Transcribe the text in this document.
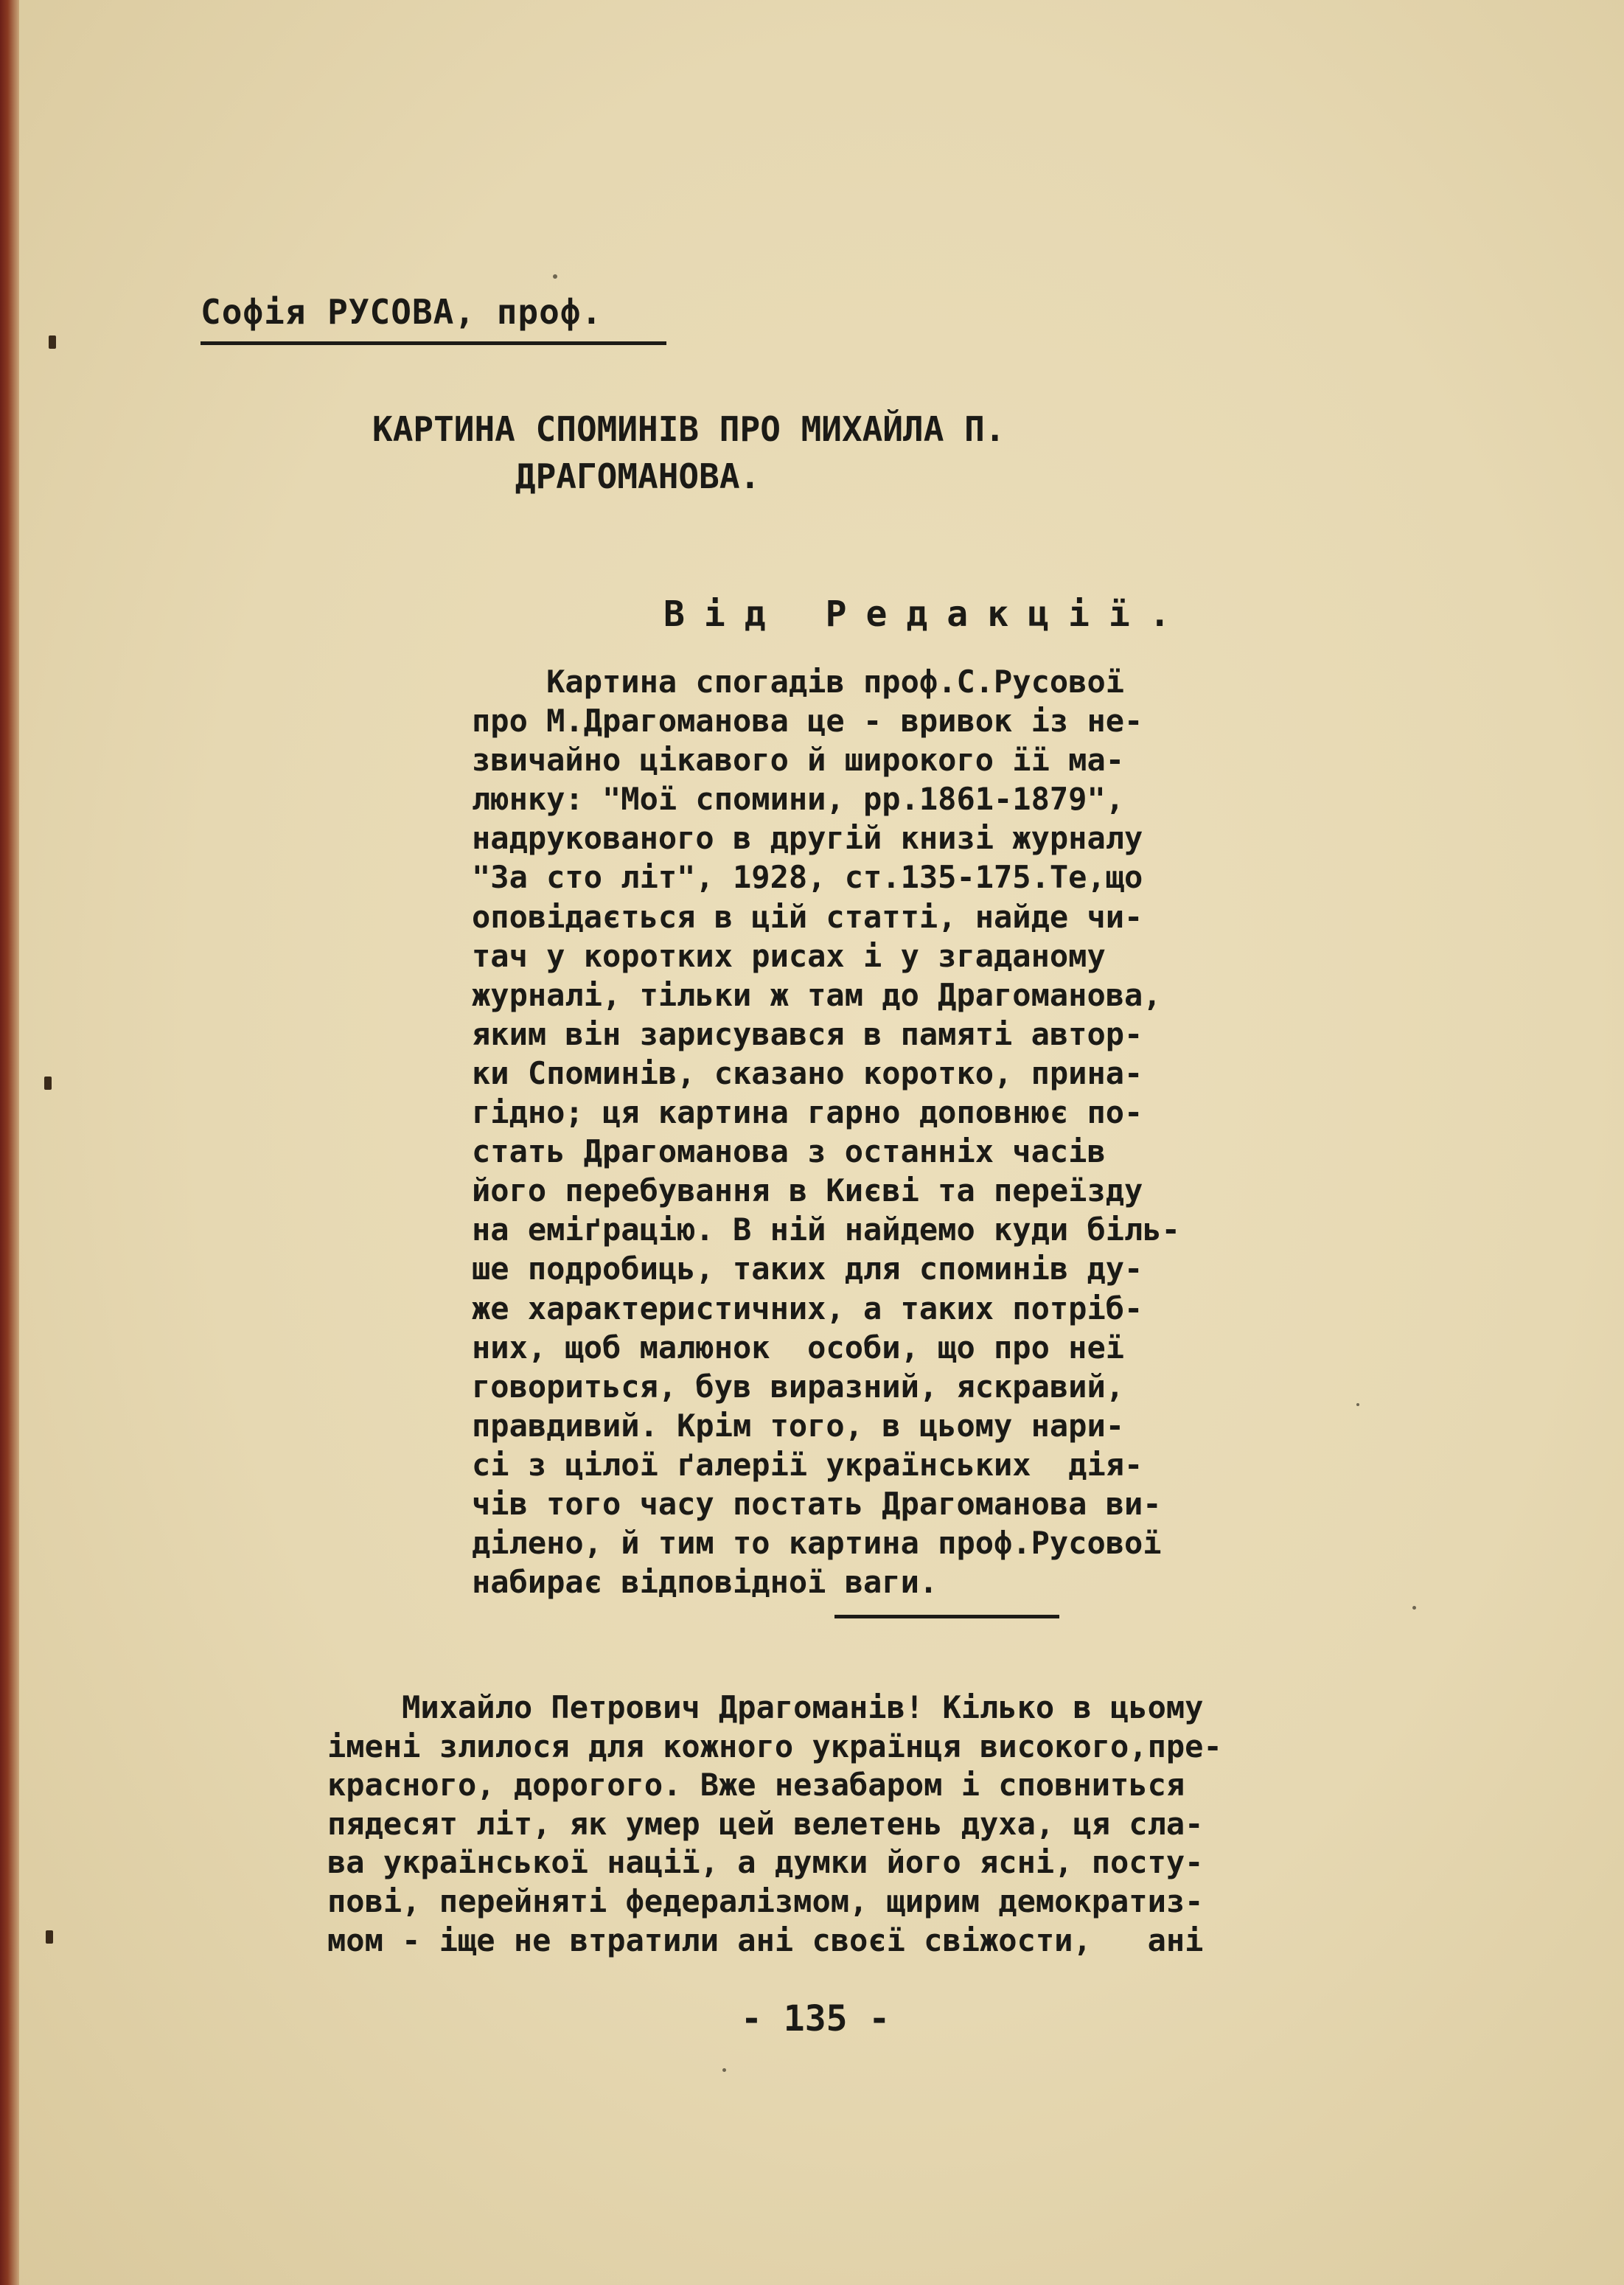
Софія РУСОВА, проф.
КАРТИНА СПОМИНІВ ПРО МИХАЙЛА П.
ДРАГОМАНОВА.
Від Редакції.
Картина спогадів проф.С.Русової
про М.Драгоманова це - вривок із не-
звичайно цікавого й широкого її ма-
люнку: "Мої спомини, pp.1861-1879",
надрукованого в другій книзі журналу
"За сто літ", 1928, ст.135-175.Те,що
оповідається в цій статті, найде чи-
тач у коротких рисах і у згаданому
журналі, тільки ж там до Драгоманова,
яким він зарисувався в памяті автор-
ки Споминів, сказано коротко, прина-
гідно; ця картина гарно доповнює по-
стать Драгоманова з останніх часів
його перебування в Києві та переїзду
на еміґрацію. В ній найдемо куди біль-
ше подробиць, таких для споминів ду-
же характеристичних, а таких потріб-
них, щоб малюнок  особи, що про неї
говориться, був виразний, яскравий,
правдивий. Крім того, в цьому нари-
сі з цілої ґалерії українських  дія-
чів того часу постать Драгоманова ви-
ділено, й тим то картина проф.Русової
набирає відповідної ваги.
Михайло Петрович Драгоманів! Кілько в цьому
імені злилося для кожного українця високого,пре-
красного, дорогого. Вже незабаром і сповниться
пядесят літ, як умер цей велетень духа, ця сла-
ва української нації, а думки його ясні, посту-
пові, перейняті федералізмом, щирим демократиз-
мом - іще не втратили ані своєї свіжости,   ані
- 135 -
